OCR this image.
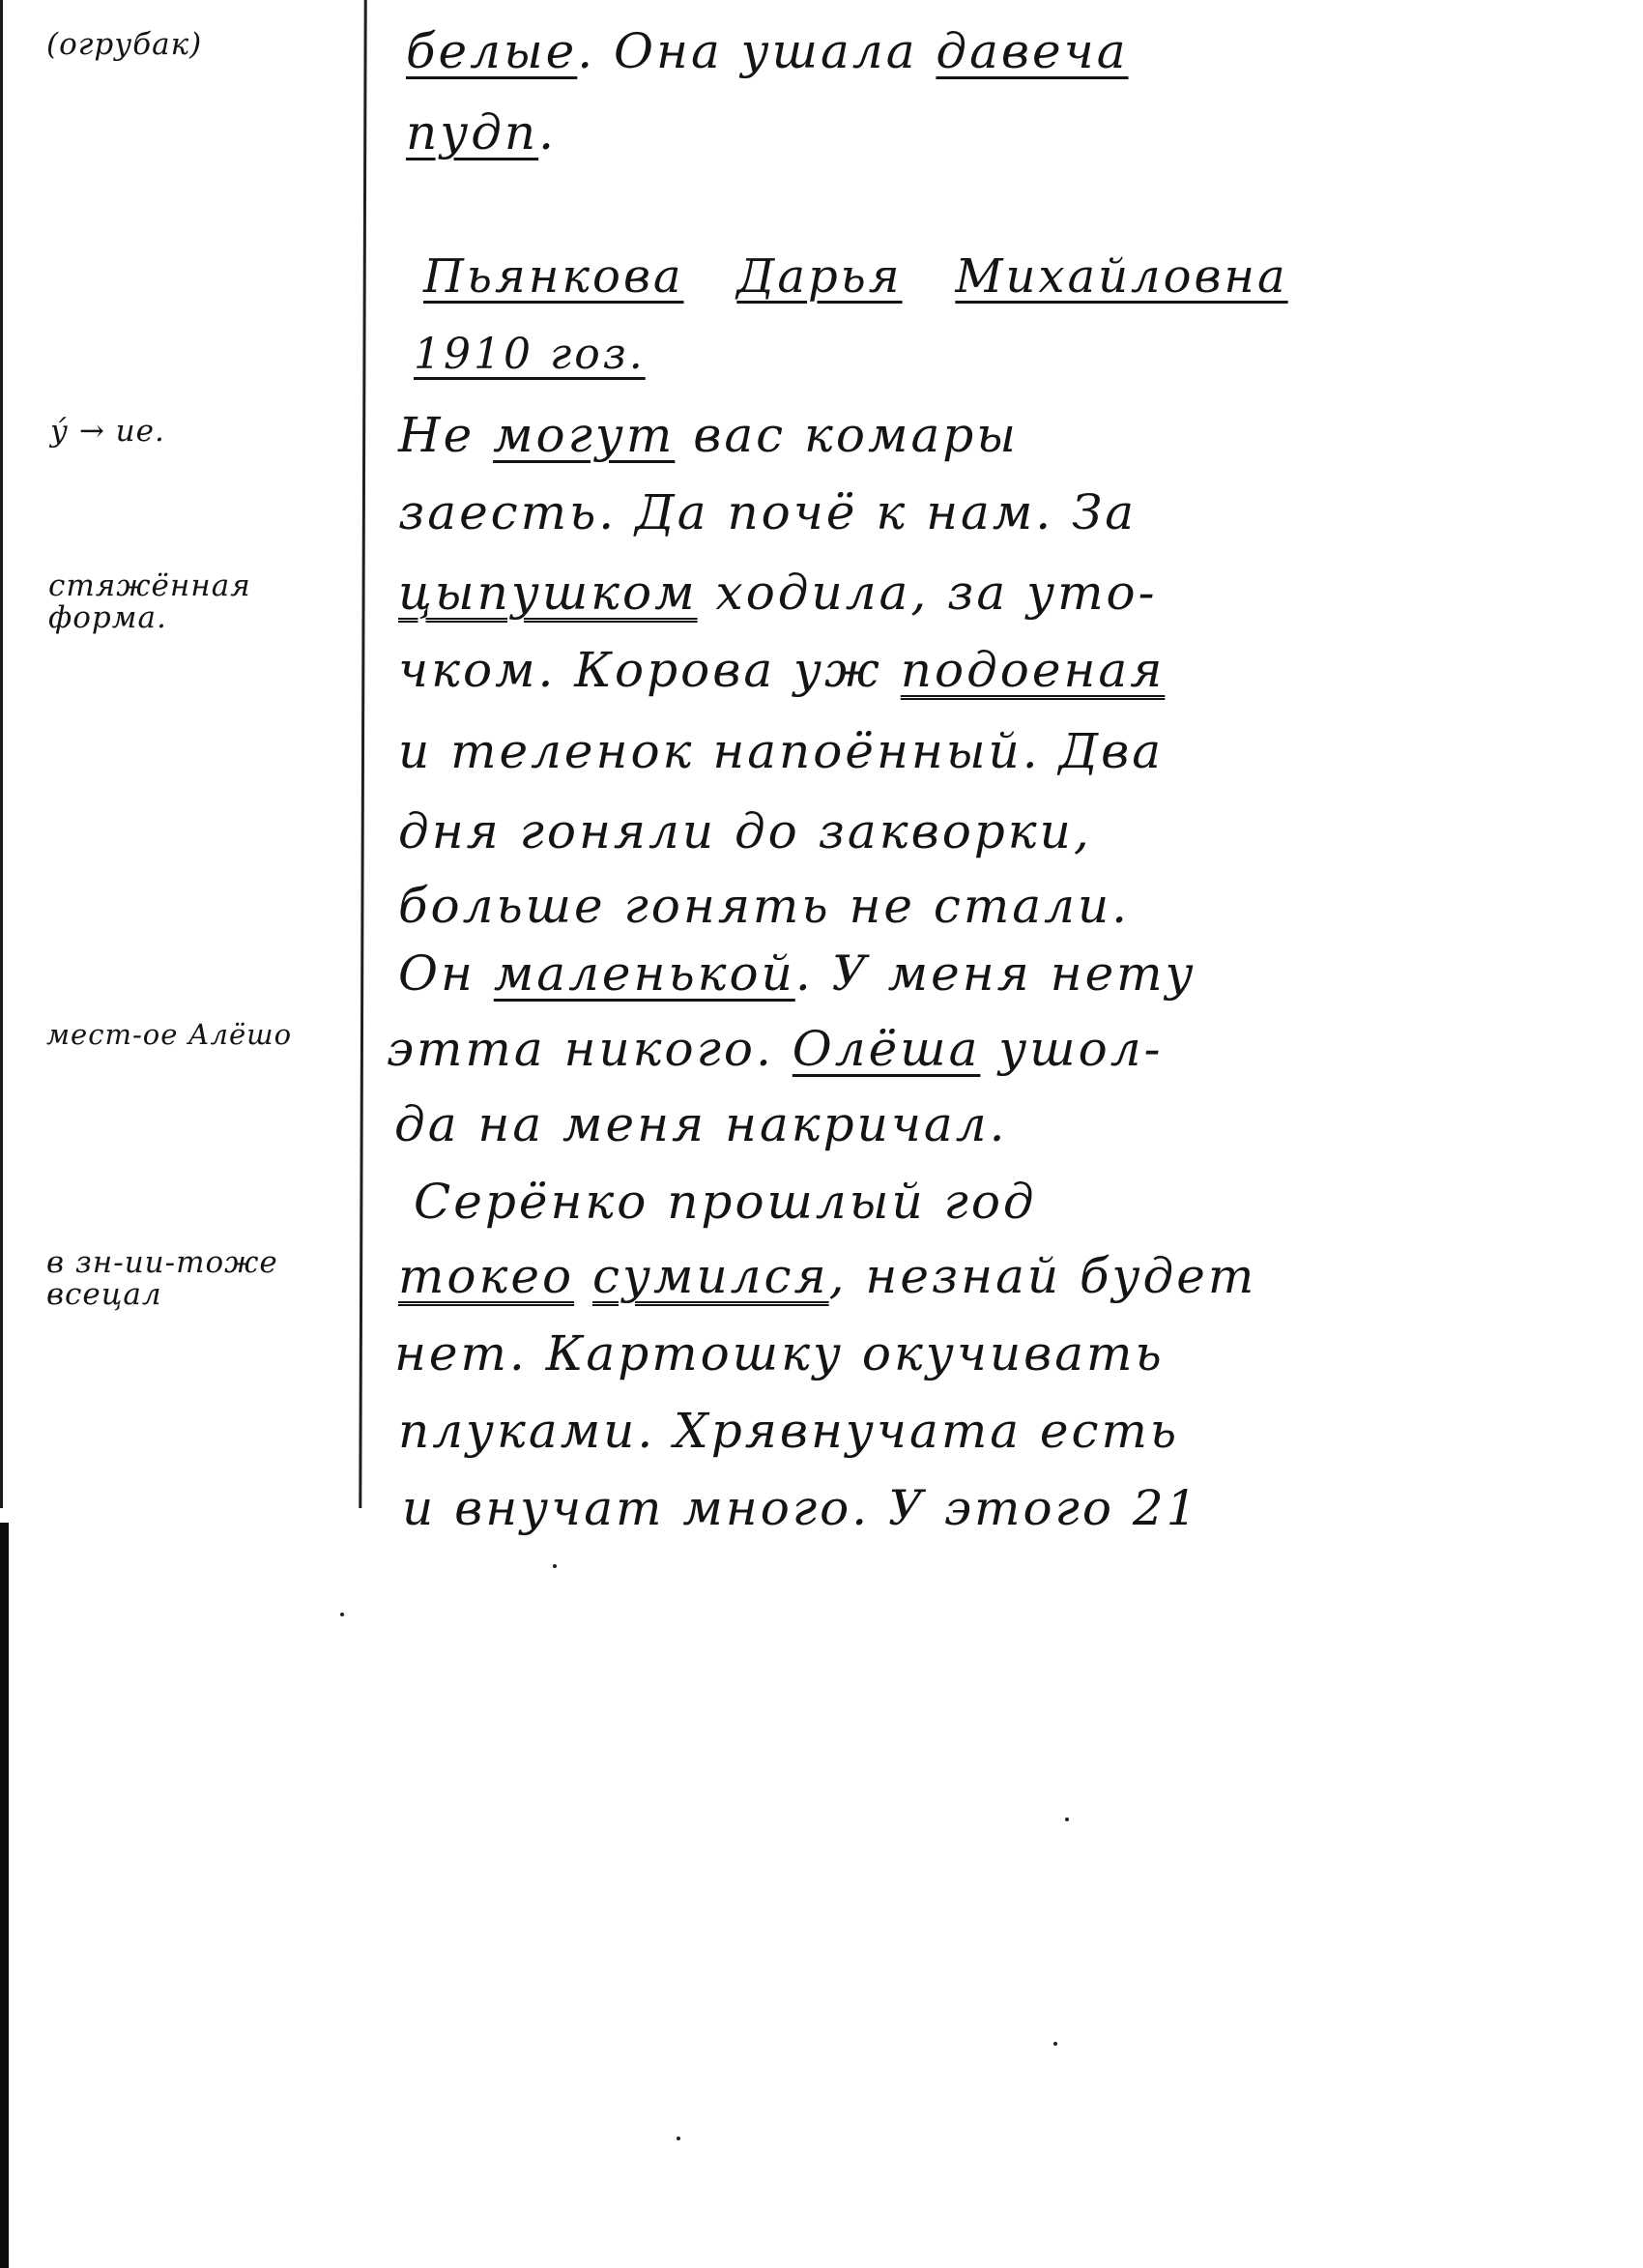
(огрубак)
у́ → ие.
стяжённая форма.
мест-ое Алёшо
в зн-ии-тоже всецал
белые. Она ушала давеча
пудп.
Пьянкова Дарья Михайловна
1910 гоз.
Не могут вас комары
заесть. Да почё к нам. За
цыпушком ходила, за уто-
чком. Корова уж подоеная
и теленок напоённый. Два
дня гоняли до закворки,
больше гонять не стали.
Он маленькой. У меня нету
этта никого. Олёша ушол-
да на меня накричал.
Серёнко прошлый год
токео сумился, незнай будет
нет. Картошку окучивать
плуками. Хрявнучата есть
и внучат много. У этого 21
